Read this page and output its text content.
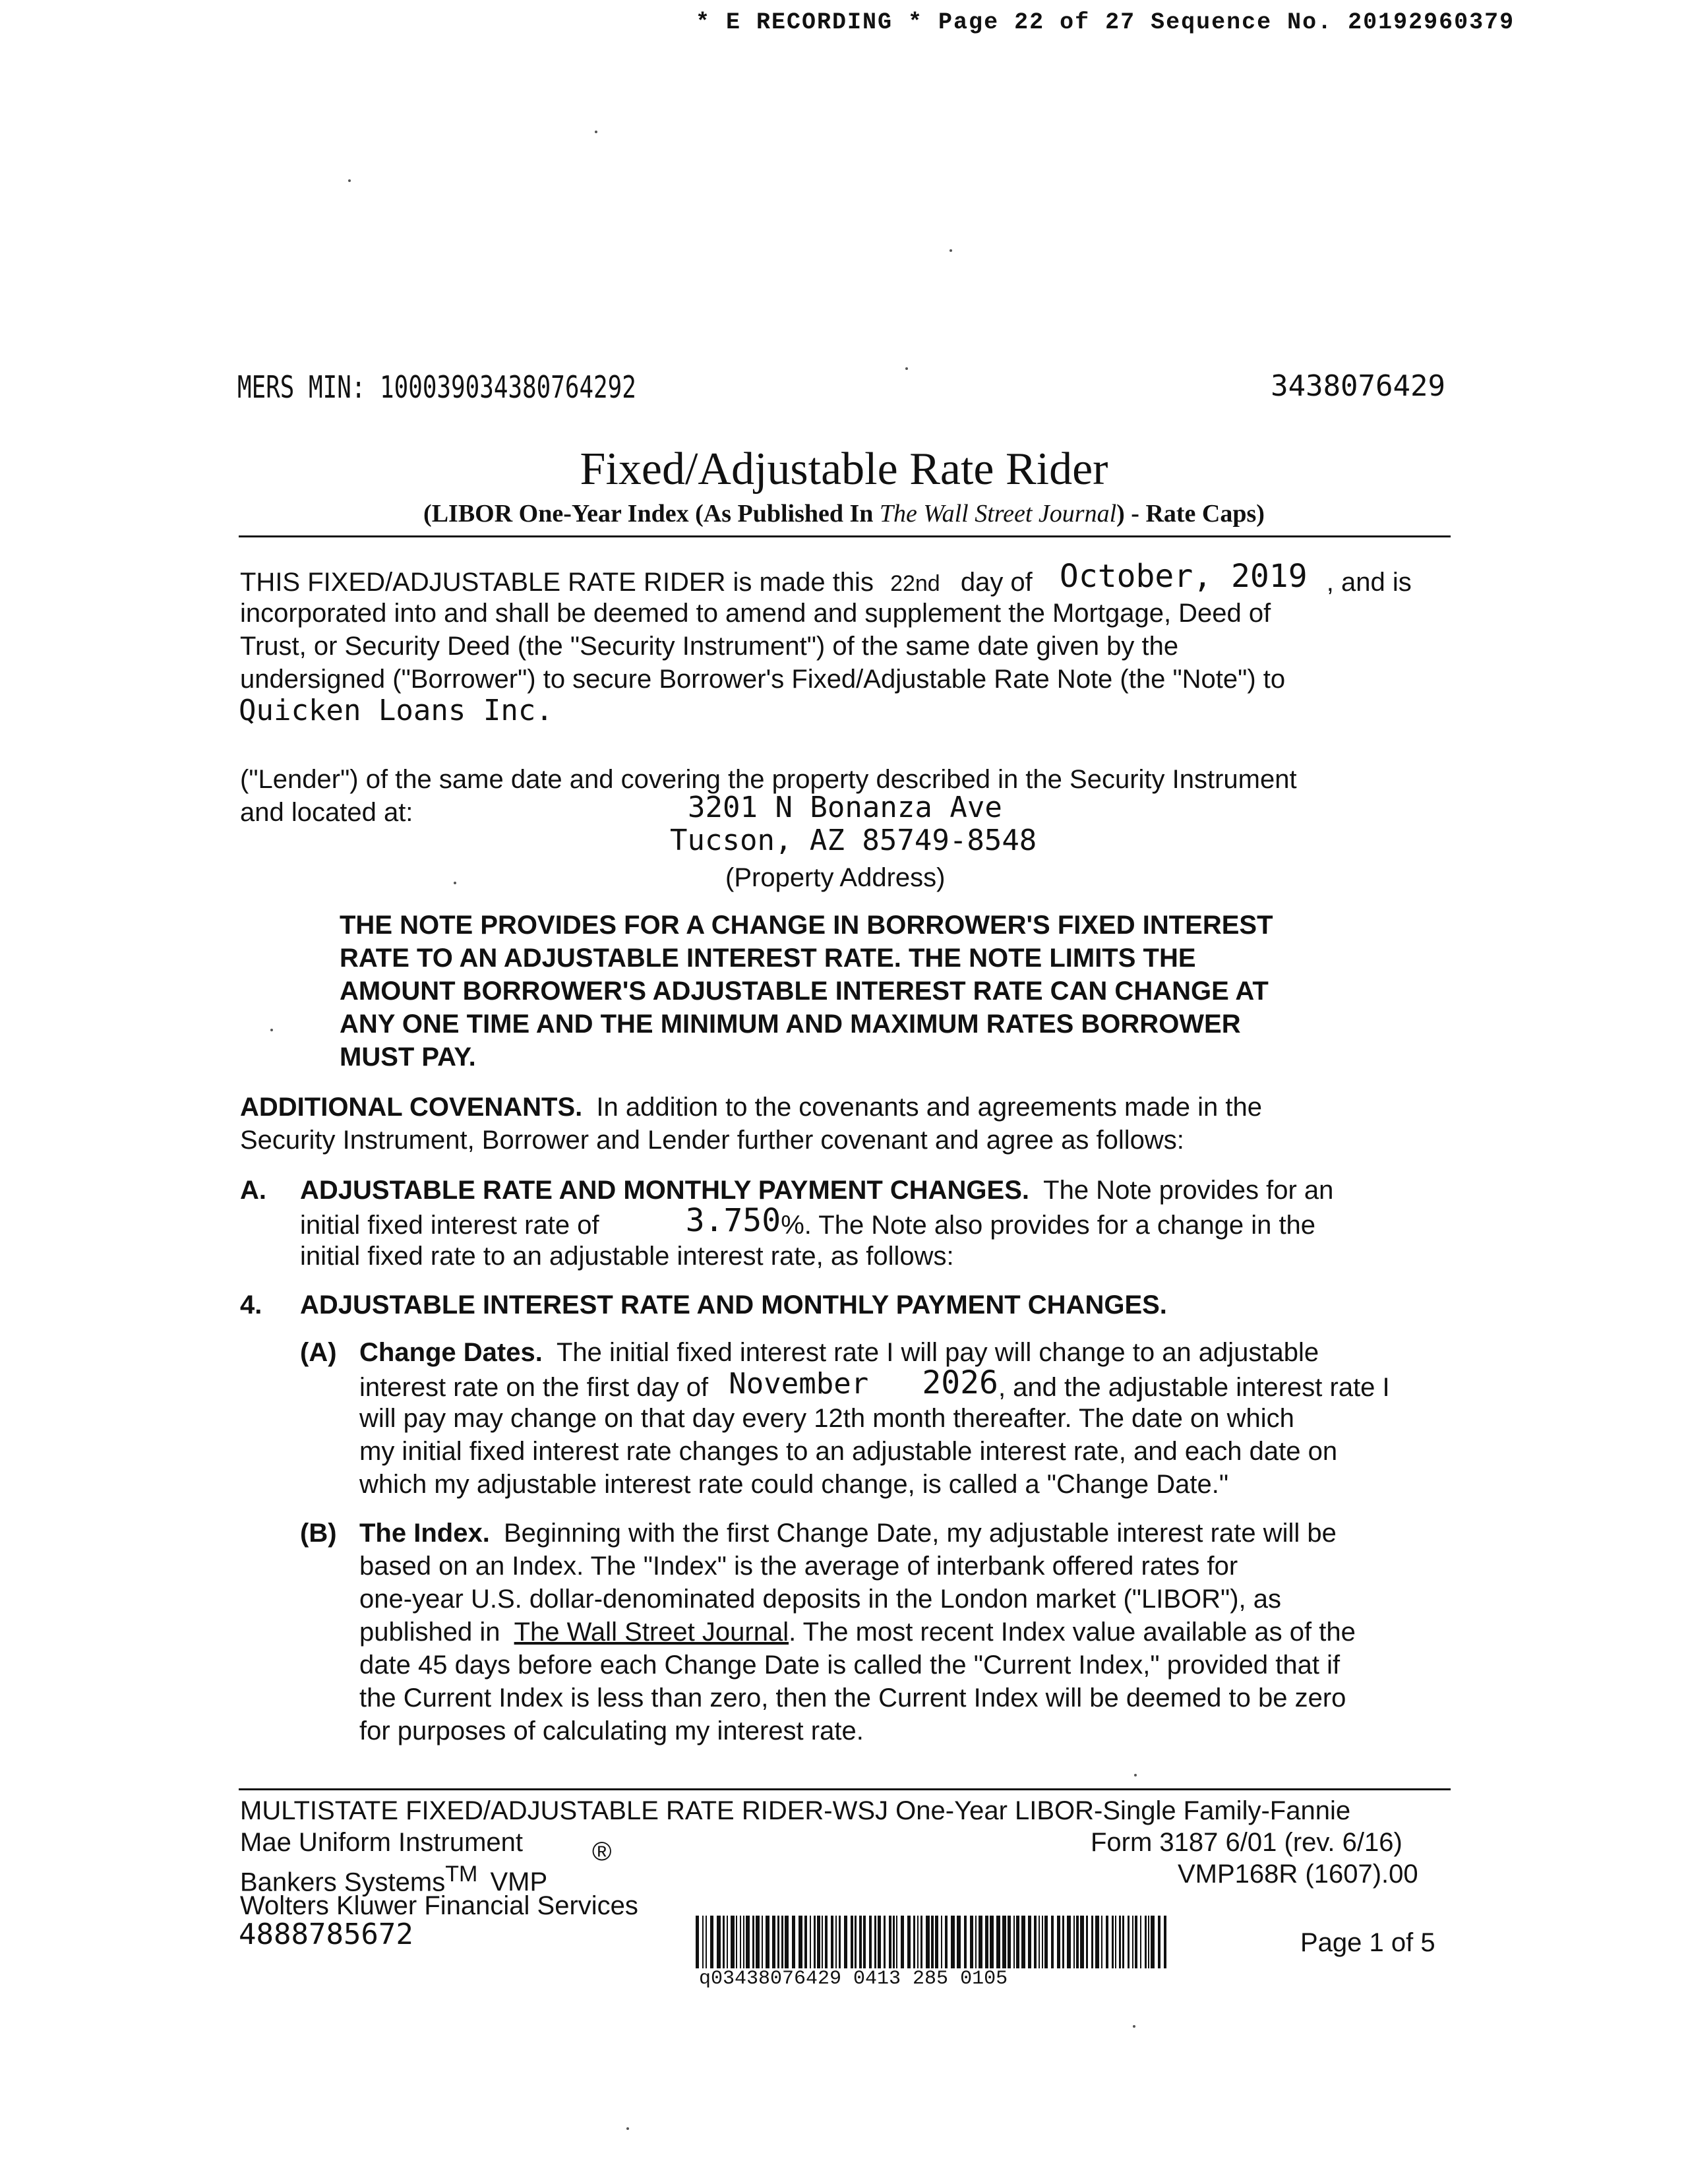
* E RECORDING * Page 22 of 27 Sequence No. 20192960379
MERS MIN: 100039034380764292	3438076429
Fixed/Adjustable Rate Rider
(LIBOR One-Year Index (As Published In The Wall Street Journal) - Rate Caps)
THIS FIXED/ADJUSTABLE RATE RIDER is made this 22nd day of October, 2019 , and is
incorporated into and shall be deemed to amend and supplement the Mortgage, Deed of
Trust, or Security Deed (the "Security Instrument") of the same date given by the
undersigned ("Borrower") to secure Borrower's Fixed/Adjustable Rate Note (the "Note") to
Quicken Loans Inc.
("Lender") of the same date and covering the property described in the Security Instrument
and located at:	3201 N Bonanza Ave
Tucson, AZ 85749-8548
(Property Address)
THE NOTE PROVIDES FOR A CHANGE IN BORROWER'S FIXED INTEREST
RATE TO AN ADJUSTABLE INTEREST RATE. THE NOTE LIMITS THE
AMOUNT BORROWER'S ADJUSTABLE INTEREST RATE CAN CHANGE AT
ANY ONE TIME AND THE MINIMUM AND MAXIMUM RATES BORROWER
MUST PAY.
ADDITIONAL COVENANTS. In addition to the covenants and agreements made in the
Security Instrument, Borrower and Lender further covenant and agree as follows:
A. ADJUSTABLE RATE AND MONTHLY PAYMENT CHANGES. The Note provides for an
initial fixed interest rate of	3.750%. The Note also provides for a change in the
initial fixed rate to an adjustable interest rate, as follows:
4. ADJUSTABLE INTEREST RATE AND MONTHLY PAYMENT CHANGES.
(A) Change Dates. The initial fixed interest rate I will pay will change to an adjustable
interest rate on the first day of November 2026, and the adjustable interest rate I
will pay may change on that day every 12th month thereafter. The date on which
my initial fixed interest rate changes to an adjustable interest rate, and each date on
which my adjustable interest rate could change, is called a "Change Date."
(B) The Index. Beginning with the first Change Date, my adjustable interest rate will be
based on an Index. The "Index" is the average of interbank offered rates for
one-year U.S. dollar-denominated deposits in the London market ("LIBOR"), as
published in The Wall Street Journal. The most recent Index value available as of the
date 45 days before each Change Date is called the "Current Index," provided that if
the Current Index is less than zero, then the Current Index will be deemed to be zero
for purposes of calculating my interest rate.
MULTISTATE FIXED/ADJUSTABLE RATE RIDER-WSJ One-Year LIBOR-Single Family-Fannie
Mae Uniform Instrument	®	Form 3187 6/01 (rev. 6/16)
Bankers Systems™ VMP	VMP168R (1607).00
Wolters Kluwer Financial Services
4888785672
q03438076429 0413 285 0105
Page 1 of 5
